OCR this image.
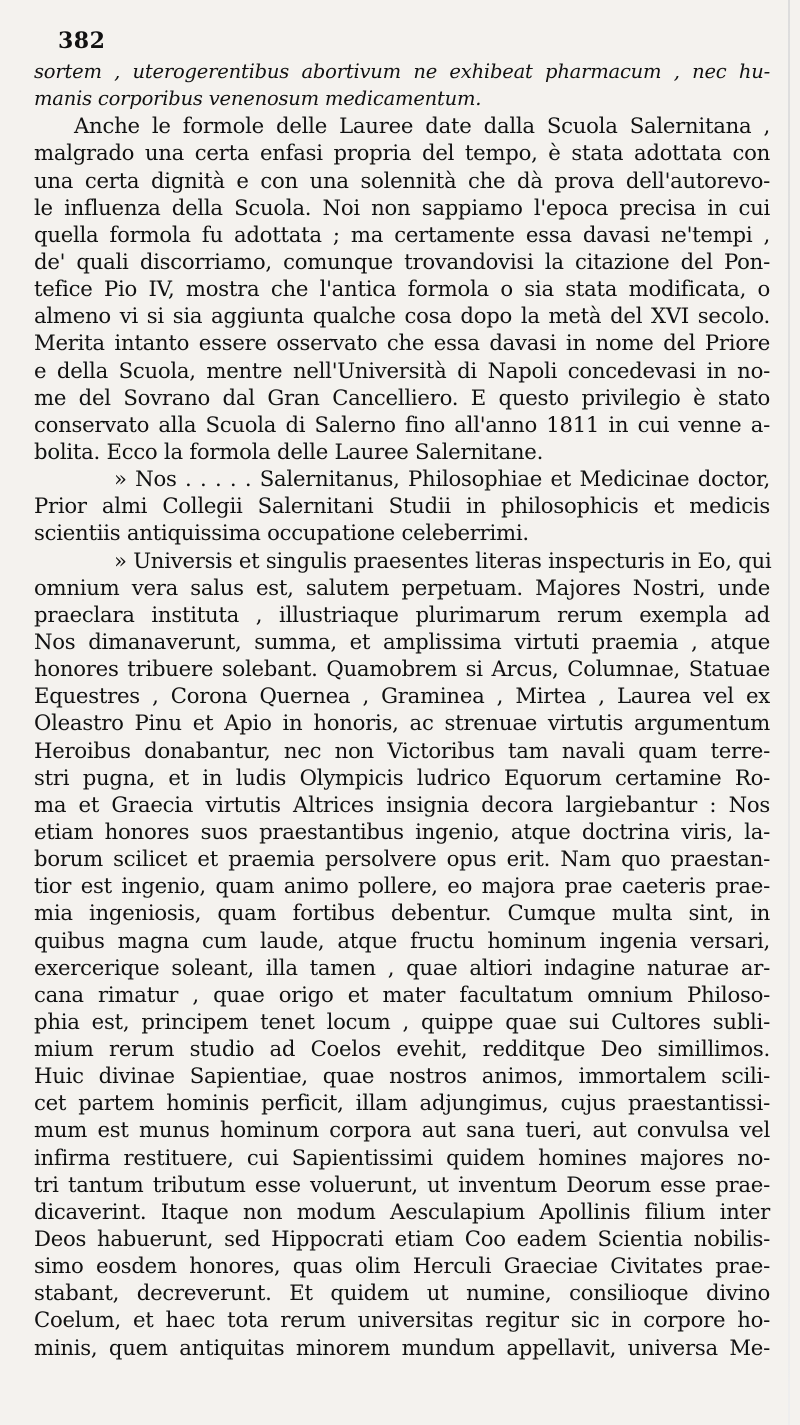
382
sortem , uterogerentibus abortivum ne exhibeat pharmacum , nec hu-
manis corporibus venenosum medicamentum.
Anche le formole delle Lauree date dalla Scuola Salernitana ,
malgrado una certa enfasi propria del tempo, è stata adottata con
una certa dignità e con una solennità che dà prova dell'autorevo-
le influenza della Scuola. Noi non sappiamo l'epoca precisa in cui
quella formola fu adottata ; ma certamente essa davasi ne'tempi ,
de' quali discorriamo, comunque trovandovisi la citazione del Pon-
tefice Pio IV, mostra che l'antica formola o sia stata modificata, o
almeno vi si sia aggiunta qualche cosa dopo la metà del XVI secolo.
Merita intanto essere osservato che essa davasi in nome del Priore
e della Scuola, mentre nell'Università di Napoli concedevasi in no-
me del Sovrano dal Gran Cancelliero. E questo privilegio è stato
conservato alla Scuola di Salerno fino all'anno 1811 in cui venne a-
bolita. Ecco la formola delle Lauree Salernitane.
» Nos . . . . . Salernitanus, Philosophiae et Medicinae doctor,
Prior almi Collegii Salernitani Studii in philosophicis et medicis
scientiis antiquissima occupatione celeberrimi.
» Universis et singulis praesentes literas inspecturis in Eo, qui
omnium vera salus est, salutem perpetuam. Majores Nostri, unde
praeclara instituta , illustriaque plurimarum rerum exempla ad
Nos dimanaverunt, summa, et amplissima virtuti praemia , atque
honores tribuere solebant. Quamobrem si Arcus, Columnae, Statuae
Equestres , Corona Quernea , Graminea , Mirtea , Laurea vel ex
Oleastro Pinu et Apio in honoris, ac strenuae virtutis argumentum
Heroibus donabantur, nec non Victoribus tam navali quam terre-
stri pugna, et in ludis Olympicis ludrico Equorum certamine Ro-
ma et Graecia virtutis Altrices insignia decora largiebantur : Nos
etiam honores suos praestantibus ingenio, atque doctrina viris, la-
borum scilicet et praemia persolvere opus erit. Nam quo praestan-
tior est ingenio, quam animo pollere, eo majora prae caeteris prae-
mia ingeniosis, quam fortibus debentur. Cumque multa sint, in
quibus magna cum laude, atque fructu hominum ingenia versari,
exercerique soleant, illa tamen , quae altiori indagine naturae ar-
cana rimatur , quae origo et mater facultatum omnium Philoso-
phia est, principem tenet locum , quippe quae sui Cultores subli-
mium rerum studio ad Coelos evehit, redditque Deo simillimos.
Huic divinae Sapientiae, quae nostros animos, immortalem scili-
cet partem hominis perficit, illam adjungimus, cujus praestantissi-
mum est munus hominum corpora aut sana tueri, aut convulsa vel
infirma restituere, cui Sapientissimi quidem homines majores no-
tri tantum tributum esse voluerunt, ut inventum Deorum esse prae-
dicaverint. Itaque non modum Aesculapium Apollinis filium inter
Deos habuerunt, sed Hippocrati etiam Coo eadem Scientia nobilis-
simo eosdem honores, quas olim Herculi Graeciae Civitates prae-
stabant, decreverunt. Et quidem ut numine, consilioque divino
Coelum, et haec tota rerum universitas regitur sic in corpore ho-
minis, quem antiquitas minorem mundum appellavit, universa Me-
